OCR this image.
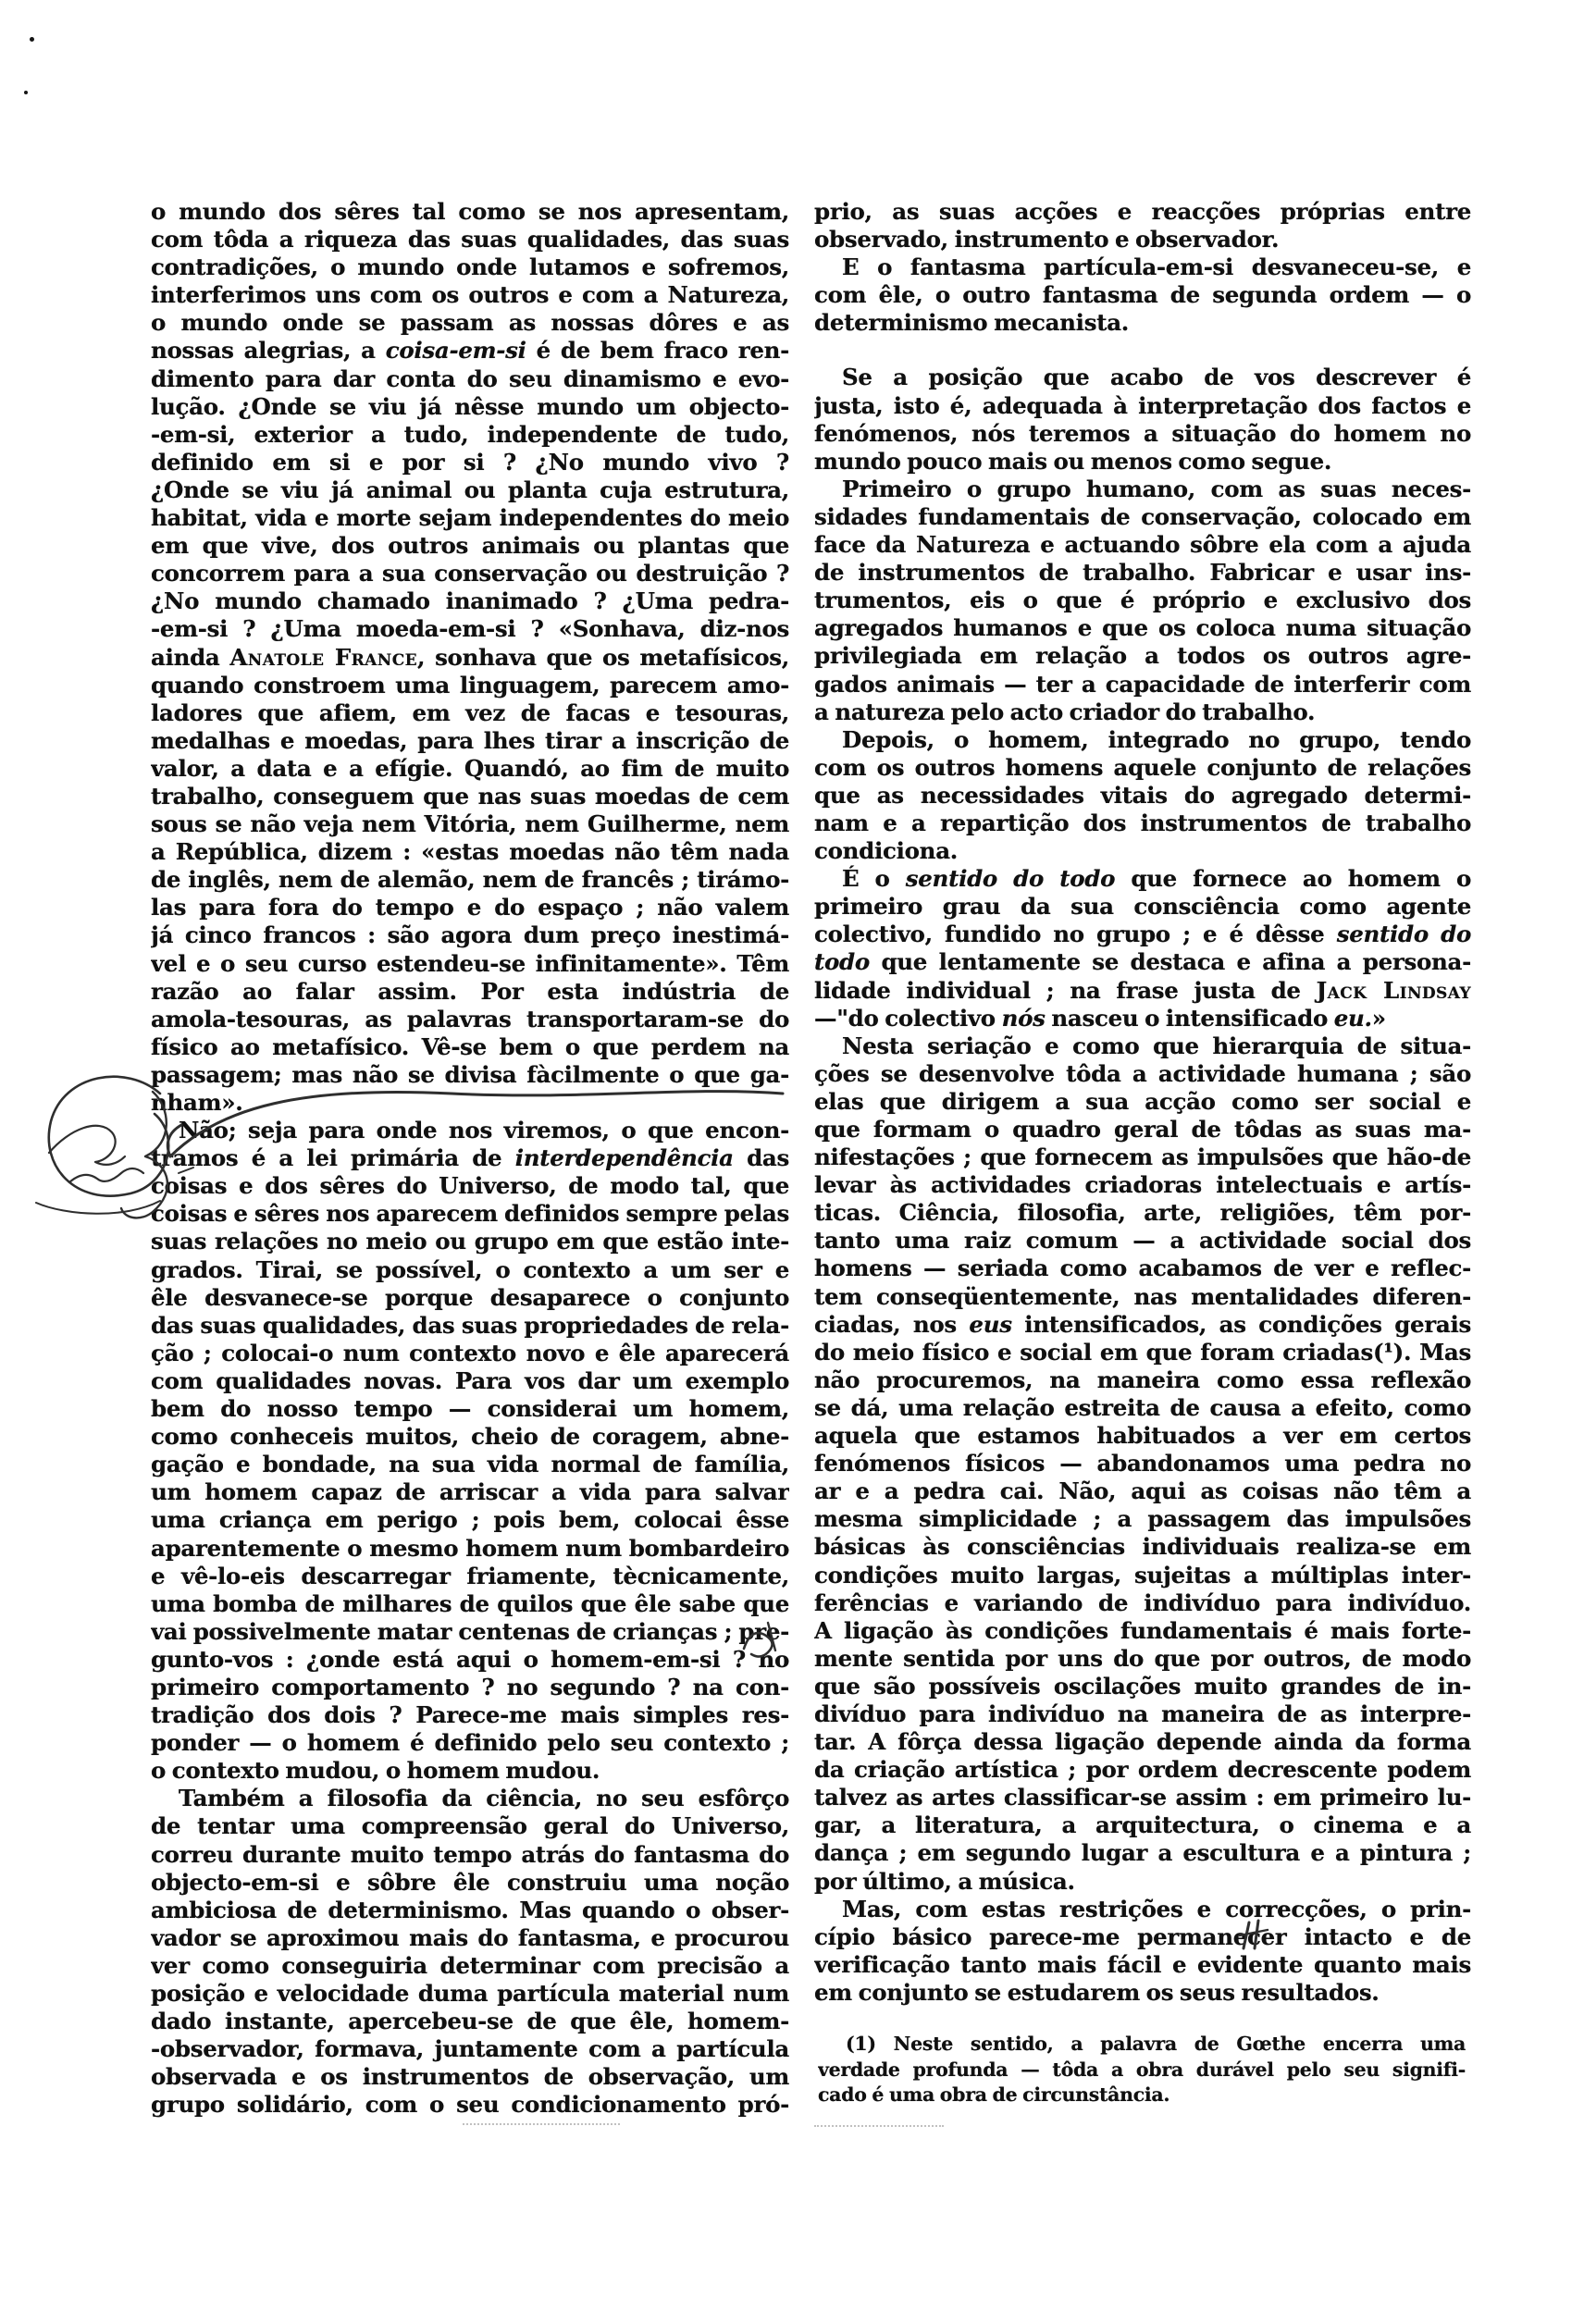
o mundo dos sêres tal como se nos apresentam,
com tôda a riqueza das suas qualidades, das suas
contradições, o mundo onde lutamos e sofremos,
interferimos uns com os outros e com a Natureza,
o mundo onde se passam as nossas dôres e as
nossas alegrias, a coisa-em-si é de bem fraco ren-
dimento para dar conta do seu dinamismo e evo-
lução. ¿Onde se viu já nêsse mundo um objecto-
-em-si, exterior a tudo, independente de tudo,
definido em si e por si ? ¿No mundo vivo ?
¿Onde se viu já animal ou planta cuja estrutura,
habitat, vida e morte sejam independentes do meio
em que vive, dos outros animais ou plantas que
concorrem para a sua conservação ou destruição ?
¿No mundo chamado inanimado ? ¿Uma pedra-
-em-si ? ¿Uma moeda-em-si ? «Sonhava, diz-nos
ainda Anatole France, sonhava que os metafísicos,
quando constroem uma linguagem, parecem amo-
ladores que afiem, em vez de facas e tesouras,
medalhas e moedas, para lhes tirar a inscrição de
valor, a data e a efígie. Quandó, ao fim de muito
trabalho, conseguem que nas suas moedas de cem
sous se não veja nem Vitória, nem Guilherme, nem
a República, dizem : «estas moedas não têm nada
de inglês, nem de alemão, nem de francês ; tirámo-
las para fora do tempo e do espaço ; não valem
já cinco francos : são agora dum preço inestimá-
vel e o seu curso estendeu-se infinitamente». Têm
razão ao falar assim. Por esta indústria de
amola-tesouras, as palavras transportaram-se do
físico ao metafísico. Vê-se bem o que perdem na
passagem; mas não se divisa fàcilmente o que ga-
nham».
Não; seja para onde nos viremos, o que encon-
tramos é a lei primária de interdependência das
coisas e dos sêres do Universo, de modo tal, que
coisas e sêres nos aparecem definidos sempre pelas
suas relações no meio ou grupo em que estão inte-
grados. Tirai, se possível, o contexto a um ser e
êle desvanece-se porque desaparece o conjunto
das suas qualidades, das suas propriedades de rela-
ção ; colocai-o num contexto novo e êle aparecerá
com qualidades novas. Para vos dar um exemplo
bem do nosso tempo — considerai um homem,
como conheceis muitos, cheio de coragem, abne-
gação e bondade, na sua vida normal de família,
um homem capaz de arriscar a vida para salvar
uma criança em perigo ; pois bem, colocai êsse
aparentemente o mesmo homem num bombardeiro
e vê-lo-eis descarregar friamente, tècnicamente,
uma bomba de milhares de quilos que êle sabe que
vai possivelmente matar centenas de crianças ; pre-
gunto-vos : ¿onde está aqui o homem-em-si ? no
primeiro comportamento ? no segundo ? na con-
tradição dos dois ? Parece-me mais simples res-
ponder — o homem é definido pelo seu contexto ;
o contexto mudou, o homem mudou.
Também a filosofia da ciência, no seu esfôrço
de tentar uma compreensão geral do Universo,
correu durante muito tempo atrás do fantasma do
objecto-em-si e sôbre êle construiu uma noção
ambiciosa de determinismo. Mas quando o obser-
vador se aproximou mais do fantasma, e procurou
ver como conseguiria determinar com precisão a
posição e velocidade duma partícula material num
dado instante, apercebeu-se de que êle, homem-
-observador, formava, juntamente com a partícula
observada e os instrumentos de observação, um
grupo solidário, com o seu condicionamento pró-
prio, as suas acções e reacções próprias entre
observado, instrumento e observador.
E o fantasma partícula-em-si desvaneceu-se, e
com êle, o outro fantasma de segunda ordem — o
determinismo mecanista.
Se a posição que acabo de vos descrever é
justa, isto é, adequada à interpretação dos factos e
fenómenos, nós teremos a situação do homem no
mundo pouco mais ou menos como segue.
Primeiro o grupo humano, com as suas neces-
sidades fundamentais de conservação, colocado em
face da Natureza e actuando sôbre ela com a ajuda
de instrumentos de trabalho. Fabricar e usar ins-
trumentos, eis o que é próprio e exclusivo dos
agregados humanos e que os coloca numa situação
privilegiada em relação a todos os outros agre-
gados animais — ter a capacidade de interferir com
a natureza pelo acto criador do trabalho.
Depois, o homem, integrado no grupo, tendo
com os outros homens aquele conjunto de relações
que as necessidades vitais do agregado determi-
nam e a repartição dos instrumentos de trabalho
condiciona.
É o sentido do todo que fornece ao homem o
primeiro grau da sua consciência como agente
colectivo, fundido no grupo ; e é dêsse sentido do
todo que lentamente se destaca e afina a persona-
lidade individual ; na frase justa de Jack Lindsay
—"do colectivo nós nasceu o intensificado eu.»
Nesta seriação e como que hierarquia de situa-
ções se desenvolve tôda a actividade humana ; são
elas que dirigem a sua acção como ser social e
que formam o quadro geral de tôdas as suas ma-
nifestações ; que fornecem as impulsões que hão-de
levar às actividades criadoras intelectuais e artís-
ticas. Ciência, filosofia, arte, religiões, têm por-
tanto uma raiz comum — a actividade social dos
homens — seriada como acabamos de ver e reflec-
tem conseqüentemente, nas mentalidades diferen-
ciadas, nos eus intensificados, as condições gerais
do meio físico e social em que foram criadas(¹). Mas
não procuremos, na maneira como essa reflexão
se dá, uma relação estreita de causa a efeito, como
aquela que estamos habituados a ver em certos
fenómenos físicos — abandonamos uma pedra no
ar e a pedra cai. Não, aqui as coisas não têm a
mesma simplicidade ; a passagem das impulsões
básicas às consciências individuais realiza-se em
condições muito largas, sujeitas a múltiplas inter-
ferências e variando de indivíduo para indivíduo.
A ligação às condições fundamentais é mais forte-
mente sentida por uns do que por outros, de modo
que são possíveis oscilações muito grandes de in-
divíduo para indivíduo na maneira de as interpre-
tar. A fôrça dessa ligação depende ainda da forma
da criação artística ; por ordem decrescente podem
talvez as artes classificar-se assim : em primeiro lu-
gar, a literatura, a arquitectura, o cinema e a
dança ; em segundo lugar a escultura e a pintura ;
por último, a música.
Mas, com estas restrições e correcções, o prin-
cípio básico parece-me permanecer intacto e de
verificação tanto mais fácil e evidente quanto mais
em conjunto se estudarem os seus resultados.
(1) Neste sentido, a palavra de Gœthe encerra uma
verdade profunda — tôda a obra durável pelo seu signifi-
cado é uma obra de circunstância.
